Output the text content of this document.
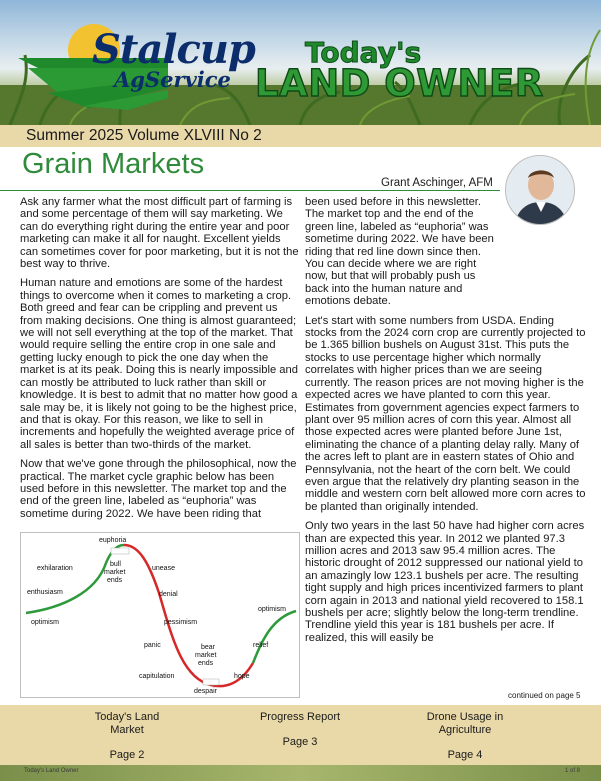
Stalcup
AgService
Today's
LAND OWNER
Summer 2025 Volume XLVIII No 2
Grain Markets
Grant Aschinger, AFM

Ask any farmer what the most difficult part of farming is and some percentage of them will say marketing. We can do everything right during the entire year and poor marketing can make it all for naught. Excellent yields can sometimes cover for poor marketing, but it is not the best way to thrive.

Human nature and emotions are some of the hardest things to overcome when it comes to marketing a crop. Both greed and fear can be crippling and prevent us from making decisions. One thing is almost guaranteed; we will not sell everything at the top of the market. That would require selling the entire crop in one sale and getting lucky enough to pick the one day when the market is at its peak. Doing this is nearly impossible and can mostly be attributed to luck rather than skill or knowledge. It is best to admit that no matter how good a sale may be, it is likely not going to be the highest price, and that is okay. For this reason, we like to sell in increments and hopefully the weighted average price of all sales is better than two-thirds of the market.

Now that we've gone through the philosophical, now the practical. The market cycle graphic below has been used before in this newsletter. The market top and the end of the green line, labeled as “euphoria” was sometime during 2022. We have been riding that

euphoria
bull
market
ends
exhilaration	unease
enthusiasm	denial
optimism
optimism
pessimism
panic	bear
market
ends
relief
capitulation	hope
despair

been used before in this newsletter. The market top and the end of the green line, labeled as “euphoria” was sometime during 2022. We have been riding that red line down since then. You can decide where we are right now, but that will probably push us back into the human nature and emotions debate.

Let's start with some numbers from USDA. Ending stocks from the 2024 corn crop are currently projected to be 1.365 billion bushels on August 31st. This puts the stocks to use percentage higher which normally correlates with higher prices than we are seeing currently. The reason prices are not moving higher is the expected acres we have planted to corn this year. Estimates from government agencies expect farmers to plant over 95 million acres of corn this year. Almost all those expected acres were planted before June 1st, eliminating the chance of a planting delay rally. Many of the acres left to plant are in eastern states of Ohio and Pennsylvania, not the heart of the corn belt. We could even argue that the relatively dry planting season in the middle and western corn belt allowed more corn acres to be planted than originally intended.

Only two years in the last 50 have had higher corn acres than are expected this year. In 2012 we planted 97.3 million acres and 2013 saw 95.4 million acres. The historic drought of 2012 suppressed our national yield to an amazingly low 123.1 bushels per acre. The resulting tight supply and high prices incentivized farmers to plant corn again in 2013 and national yield recovered to 158.1 bushels per acre; slightly below the long-term trendline. Trendline yield this year is 181 bushels per acre. If realized, this will easily be

continued on page 5
Today's Land Market
Page 2
Progress Report
Page 3
Drone Usage in Agriculture
Page 4
Today's Land Owner	1 of 8
